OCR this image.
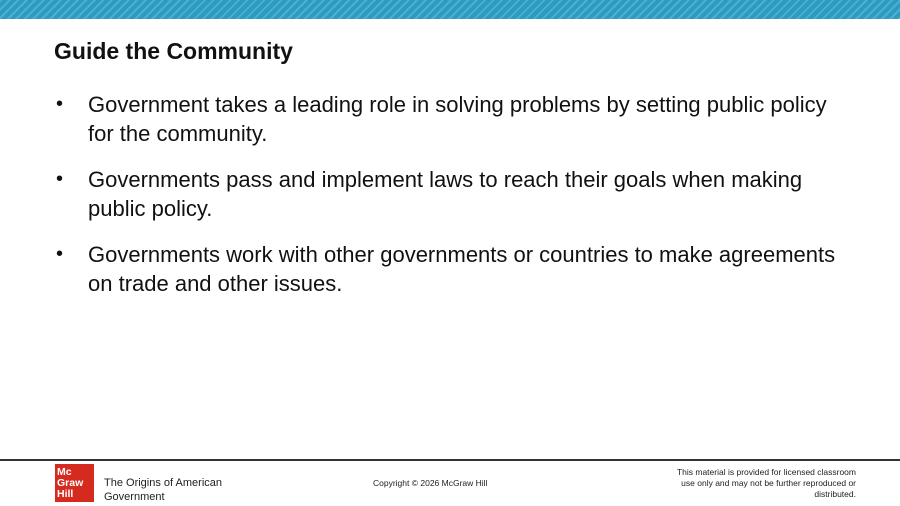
Guide the Community
• Government takes a leading role in solving problems by setting public policy for the community.
• Governments pass and implement laws to reach their goals when making public policy.
• Governments work with other governments or countries to make agreements on trade and other issues.
Mc
Graw
Hill
The Origins of American Government
Copyright © 2026 McGraw Hill
This material is provided for licensed classroom use only and may not be further reproduced or distributed.
